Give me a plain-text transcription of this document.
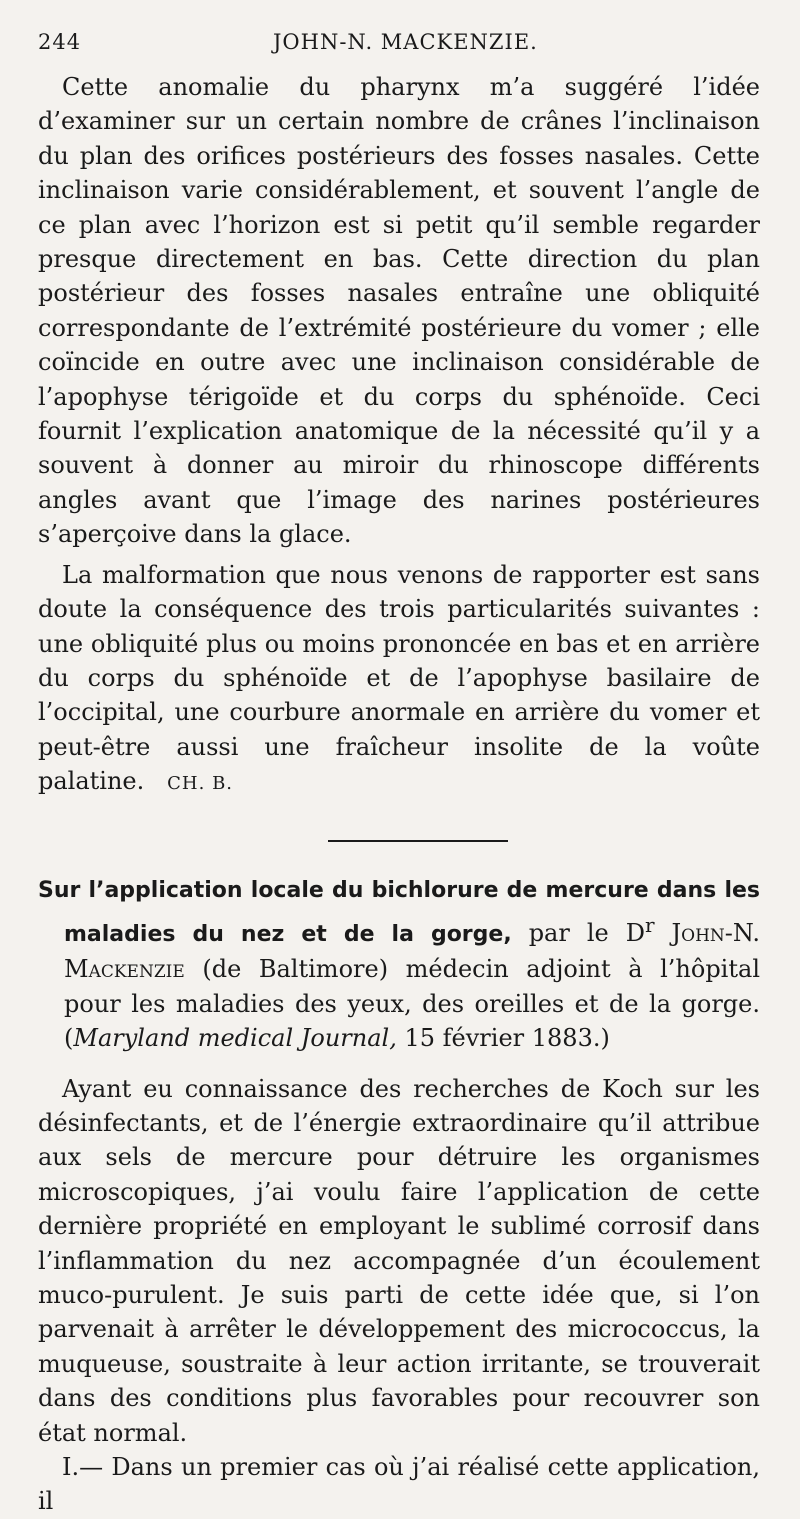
244	JOHN-N. MACKENZIE.

Cette anomalie du pharynx m’a suggéré l’idée d’examiner sur un certain nombre de crânes l’inclinaison du plan des orifices postérieurs des fosses nasales. Cette inclinaison varie considérablement, et souvent l’angle de ce plan avec l’horizon est si petit qu’il semble regarder presque directement en bas. Cette direction du plan postérieur des fosses nasales entraîne une obliquité correspondante de l’extrémité postérieure du vomer ; elle coïncide en outre avec une inclinaison considérable de l’apophyse térigoïde et du corps du sphénoïde. Ceci fournit l’explication anatomique de la nécessité qu’il y a souvent à donner au miroir du rhinoscope différents angles avant que l’image des narines postérieures s’aperçoive dans la glace.

La malformation que nous venons de rapporter est sans doute la conséquence des trois particularités suivantes : une obliquité plus ou moins prononcée en bas et en arrière du corps du sphénoïde et de l’apophyse basilaire de l’occipital, une courbure anormale en arrière du vomer et peut-être aussi une fraîcheur insolite de la voûte palatine. CH. B.

Sur l’application locale du bichlorure de mercure dans les maladies du nez et de la gorge, par le $D^r$ John-N. Mackenzie (de Baltimore) médecin adjoint à l’hôpital pour les maladies des yeux, des oreilles et de la gorge. (Maryland medical Journal, 15 février 1883.)

Ayant eu connaissance des recherches de Koch sur les désinfectants, et de l’énergie extraordinaire qu’il attribue aux sels de mercure pour détruire les organismes microscopiques, j’ai voulu faire l’application de cette dernière propriété en employant le sublimé corrosif dans l’inflammation du nez accompagnée d’un écoulement muco-purulent. Je suis parti de cette idée que, si l’on parvenait à arrêter le développement des micrococcus, la muqueuse, soustraite à leur action irritante, se trouverait dans des conditions plus favorables pour recouvrer son état normal.

I.— Dans un premier cas où j’ai réalisé cette application, il
